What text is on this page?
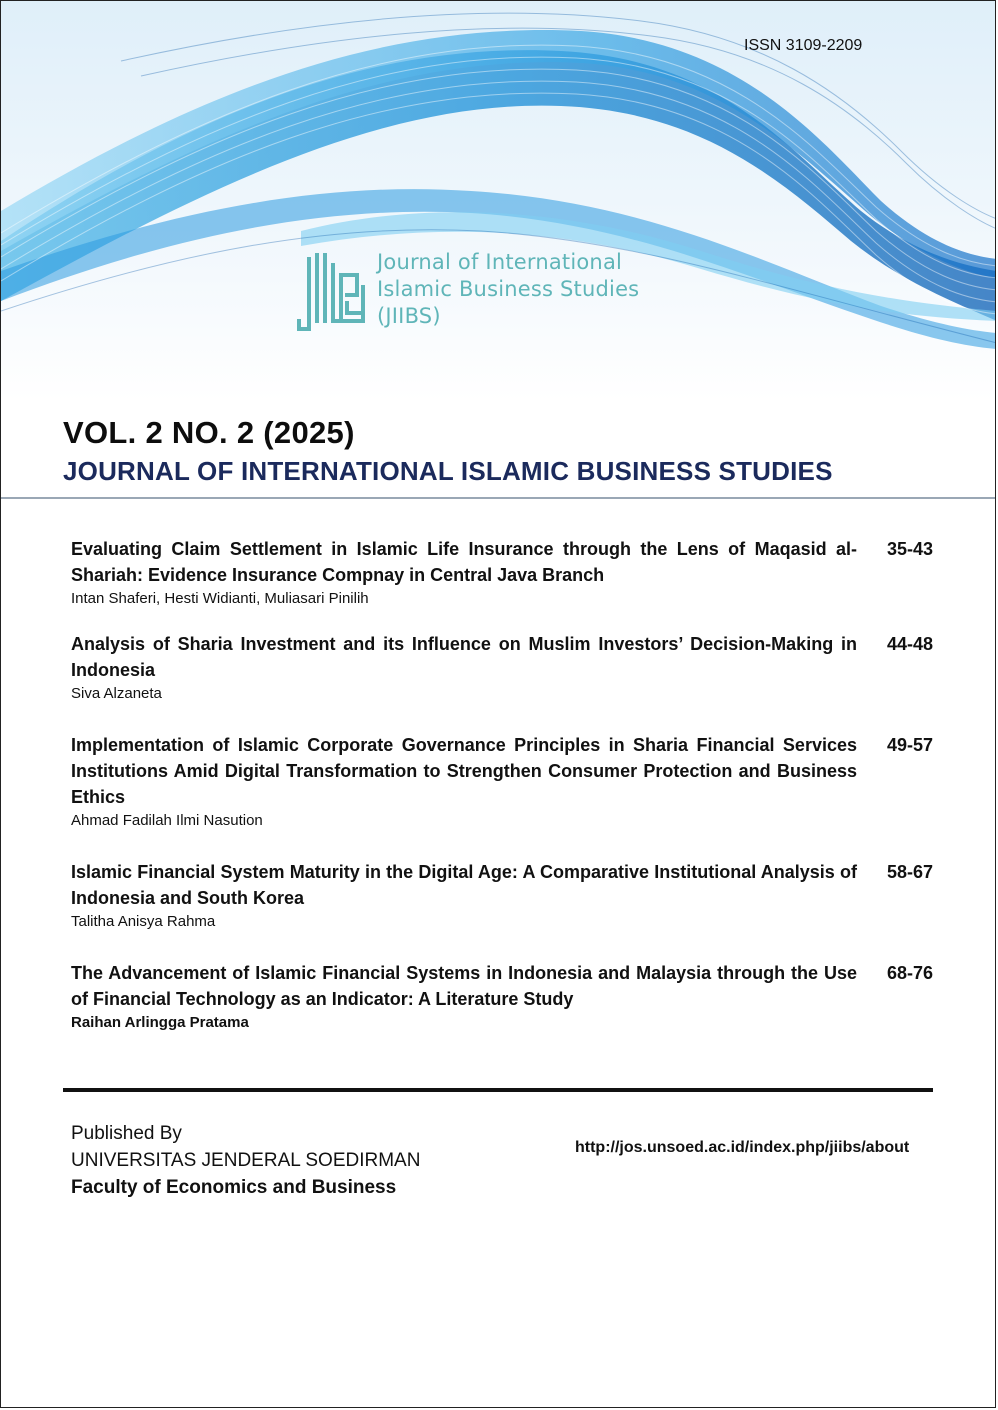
ISSN 3109-2209
Journal of International
Islamic Business Studies
(JIIBS)
VOL. 2 NO. 2 (2025)
JOURNAL OF INTERNATIONAL ISLAMIC BUSINESS STUDIES
Evaluating Claim Settlement in Islamic Life Insurance through the Lens of Maqasid al-Shariah: Evidence Insurance Compnay in Central Java Branch
35-43
Intan Shaferi, Hesti Widianti, Muliasari Pinilih
Analysis of Sharia Investment and its Influence on Muslim Investors’ Decision-Making in Indonesia
44-48
Siva Alzaneta
Implementation of Islamic Corporate Governance Principles in Sharia Financial Services Institutions Amid Digital Transformation to Strengthen Consumer Protection and Business Ethics
49-57
Ahmad Fadilah Ilmi Nasution
Islamic Financial System Maturity in the Digital Age: A Comparative Institutional Analysis of Indonesia and South Korea
58-67
Talitha Anisya Rahma
The Advancement of Islamic Financial Systems in Indonesia and Malaysia through the Use of Financial Technology as an Indicator: A Literature Study
68-76
Raihan Arlingga Pratama
Published By
UNIVERSITAS JENDERAL SOEDIRMAN
Faculty of Economics and Business
http://jos.unsoed.ac.id/index.php/jiibs/about
